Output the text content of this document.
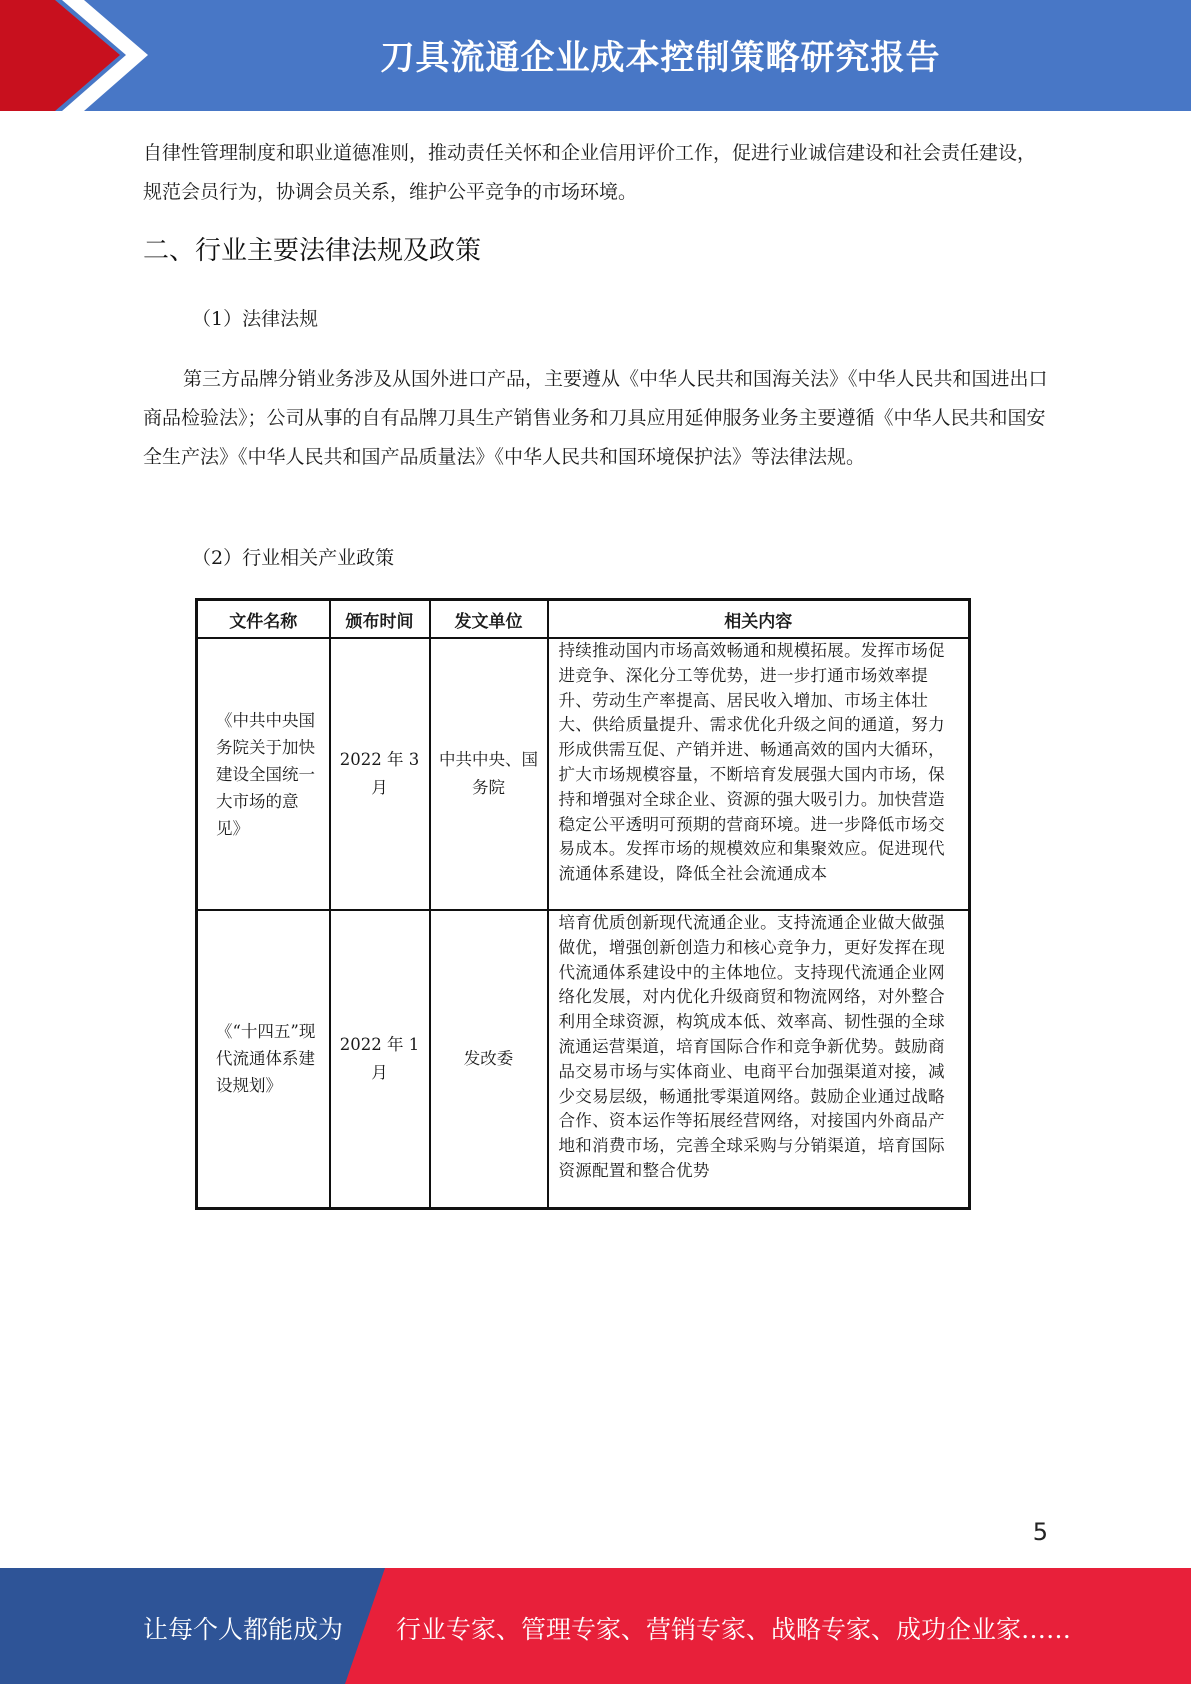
刀具流通企业成本控制策略研究报告

自律性管理制度和职业道德准则，推动责任关怀和企业信用评价工作，促进行业诚信建设和社会责任建设，规范会员行为，协调会员关系，维护公平竞争的市场环境。

二、行业主要法律法规及政策

（1）法律法规

第三方品牌分销业务涉及从国外进口产品，主要遵从《中华人民共和国海关法》《中华人民共和国进出口商品检验法》；公司从事的自有品牌刀具生产销售业务和刀具应用延伸服务业务主要遵循《中华人民共和国安全生产法》《中华人民共和国产品质量法》《中华人民共和国环境保护法》等法律法规。

（2）行业相关产业政策

文件名称	颁布时间	发文单位	相关内容
《中共中央国务院关于加快建设全国统一大市场的意见》	2022 年 3 月	中共中央、国务院	持续推动国内市场高效畅通和规模拓展。发挥市场促进竞争、深化分工等优势，进一步打通市场效率提升、劳动生产率提高、居民收入增加、市场主体壮大、供给质量提升、需求优化升级之间的通道，努力形成供需互促、产销并进、畅通高效的国内大循环，扩大市场规模容量，不断培育发展强大国内市场，保持和增强对全球企业、资源的强大吸引力。加快营造稳定公平透明可预期的营商环境。进一步降低市场交易成本。发挥市场的规模效应和集聚效应。促进现代流通体系建设，降低全社会流通成本
《“十四五”现代流通体系建设规划》	2022 年 1 月	发改委	培育优质创新现代流通企业。支持流通企业做大做强做优，增强创新创造力和核心竞争力，更好发挥在现代流通体系建设中的主体地位。支持现代流通企业网络化发展，对内优化升级商贸和物流网络，对外整合利用全球资源，构筑成本低、效率高、韧性强的全球流通运营渠道，培育国际合作和竞争新优势。鼓励商品交易市场与实体商业、电商平台加强渠道对接，减少交易层级，畅通批零渠道网络。鼓励企业通过战略合作、资本运作等拓展经营网络，对接国内外商品产地和消费市场，完善全球采购与分销渠道，培育国际资源配置和整合优势
5
让每个人都能成为 行业专家、管理专家、营销专家、战略专家、成功企业家……
